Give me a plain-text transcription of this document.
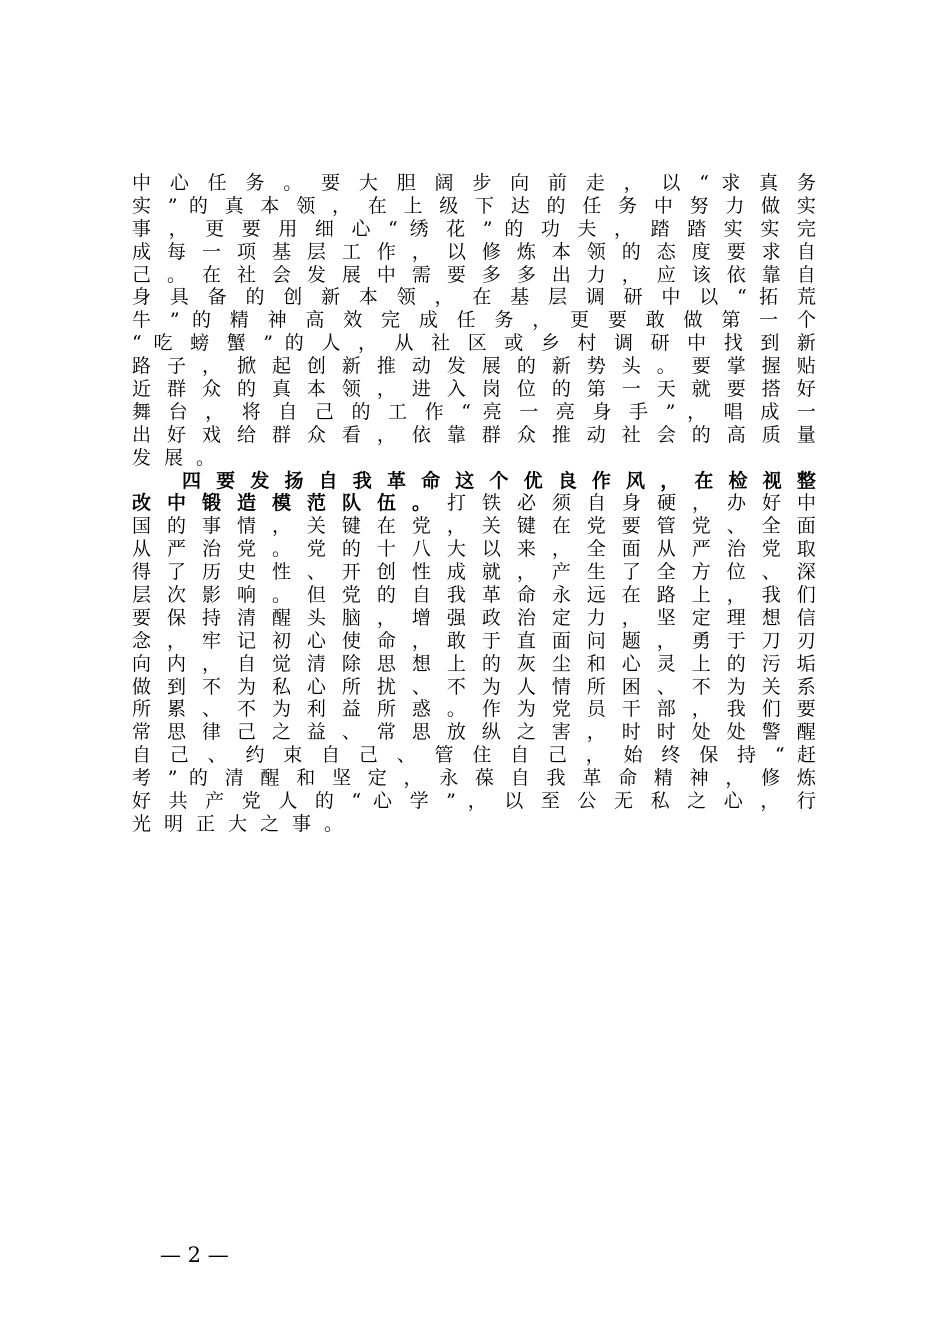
中 心 任 务 。 要 大 胆 阔 步 向 前 走 ， 以 “ 求 真 务
实 ” 的 真 本 领 ， 在 上 级 下 达 的 任 务 中 努 力 做 实
事 ， 更 要 用 细 心 “ 绣 花 ” 的 功 夫 ， 踏 踏 实 实 完
成 每 一 项 基 层 工 作 ， 以 修 炼 本 领 的 态 度 要 求 自
己 。 在 社 会 发 展 中 需 要 多 多 出 力 ， 应 该 依 靠 自
身 具 备 的 创 新 本 领 ， 在 基 层 调 研 中 以 “ 拓 荒
牛 ” 的 精 神 高 效 完 成 任 务 ， 更 要 敢 做 第 一 个
“ 吃 螃 蟹 ” 的 人 ， 从 社 区 或 乡 村 调 研 中 找 到 新
路 子 ， 掀 起 创 新 推 动 发 展 的 新 势 头 。 要 掌 握 贴
近 群 众 的 真 本 领 ， 进 入 岗 位 的 第 一 天 就 要 搭 好
舞 台 ， 将 自 己 的 工 作 “ 亮 一 亮 身 手 ” ， 唱 成 一
出 好 戏 给 群 众 看 ， 依 靠 群 众 推 动 社 会 的 高 质 量
发展。
四 要 发 扬 自 我 革 命 这 个 优 良 作 风 ， 在 检 视 整
改中锻造模范队伍。打铁必须自身硬，办好中
国 的 事 情 ， 关 键 在 党 ， 关 键 在 党 要 管 党 、 全 面
从 严 治 党 。 党 的 十 八 大 以 来 ， 全 面 从 严 治 党 取
得 了 历 史 性 、 开 创 性 成 就 ， 产 生 了 全 方 位 、 深
层 次 影 响 。 但 党 的 自 我 革 命 永 远 在 路 上 ， 我 们
要 保 持 清 醒 头 脑 ， 增 强 政 治 定 力 ， 坚 定 理 想 信
念 ， 牢 记 初 心 使 命 ， 敢 于 直 面 问 题 ， 勇 于 刀 刃
向 内 ， 自 觉 清 除 思 想 上 的 灰 尘 和 心 灵 上 的 污 垢
做 到 不 为 私 心 所 扰 、 不 为 人 情 所 困 、 不 为 关 系
所 累 、 不 为 利 益 所 惑 。 作 为 党 员 干 部 ， 我 们 要
常 思 律 己 之 益 、 常 思 放 纵 之 害 ， 时 时 处 处 警 醒
自 己 、 约 束 自 己 、 管 住 自 己 ， 始 终 保 持 “ 赶
考 ” 的 清 醒 和 坚 定 ， 永 葆 自 我 革 命 精 神 ， 修 炼
好 共 产 党 人 的 “ 心 学 ” ， 以 至 公 无 私 之 心 ， 行
光明正大之事。
— 2 —
